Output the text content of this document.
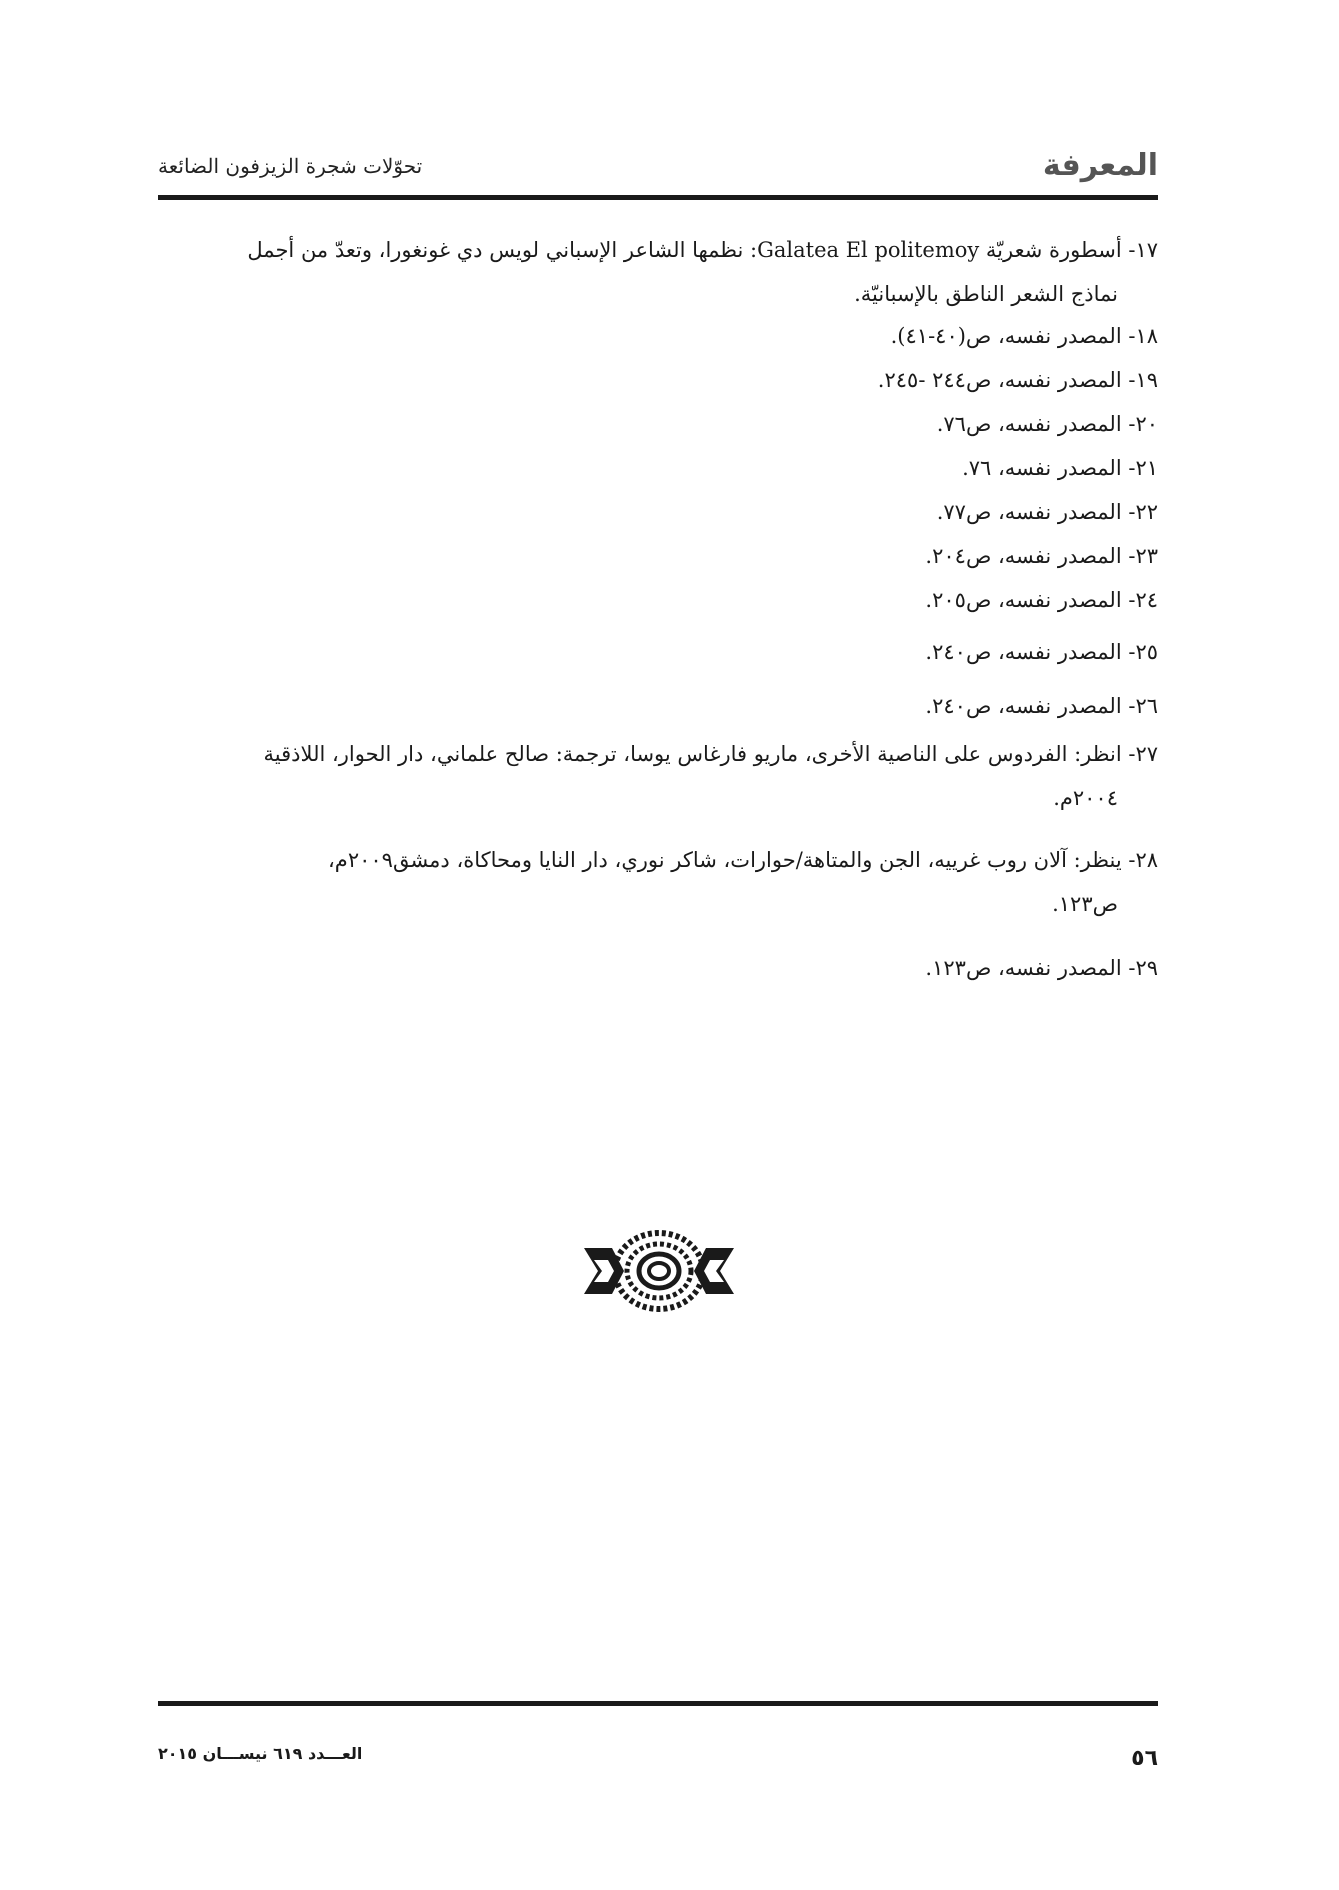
المعرفة
تحوّلات شجرة الزيزفون الضائعة
١٧- أسطورة شعريّة Galatea El politemoy: نظمها الشاعر الإسباني لويس دي غونغورا، وتعدّ من أجمل
نماذج الشعر الناطق بالإسبانيّة.
١٨- المصدر نفسه، ص(٤٠-٤١).
١٩- المصدر نفسه، ص٢٤٤ -٢٤٥.
٢٠- المصدر نفسه، ص٧٦.
٢١- المصدر نفسه، ٧٦.
٢٢- المصدر نفسه، ص٧٧.
٢٣- المصدر نفسه، ص٢٠٤.
٢٤- المصدر نفسه، ص٢٠٥.
٢٥- المصدر نفسه، ص٢٤٠.
٢٦- المصدر نفسه، ص٢٤٠.
٢٧- انظر: الفردوس على الناصية الأخرى، ماريو فارغاس يوسا، ترجمة: صالح علماني، دار الحوار، اللاذقية
٢٠٠٤م.
٢٨- ينظر: آلان روب غرييه، الجن والمتاهة/حوارات، شاكر نوري، دار النايا ومحاكاة، دمشق٢٠٠٩م،
ص١٢٣.
٢٩- المصدر نفسه، ص١٢٣.
٥٦
العـــدد ٦١٩ نيســـان ٢٠١٥
